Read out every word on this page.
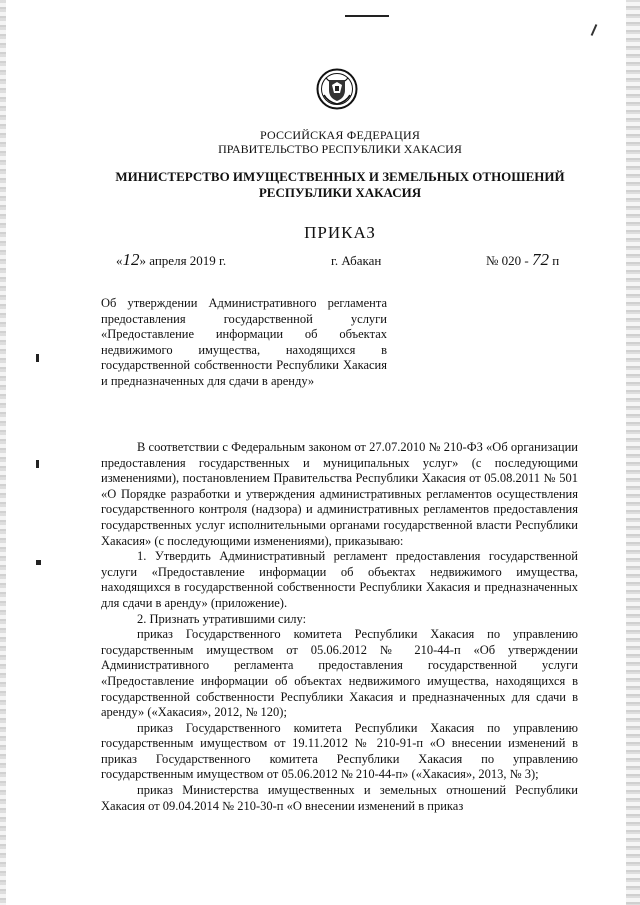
РОССИЙСКАЯ ФЕДЕРАЦИЯ
ПРАВИТЕЛЬСТВО РЕСПУБЛИКИ ХАКАСИЯ
МИНИСТЕРСТВО ИМУЩЕСТВЕННЫХ И ЗЕМЕЛЬНЫХ ОТНОШЕНИЙ
РЕСПУБЛИКИ ХАКАСИЯ
ПРИКАЗ
«12» апреля 2019 г.	г. Абакан	№ 020 - 72 п
Об утверждении Административного регламента предоставления государственной услуги «Предоставление информации об объектах недвижимого имущества, находящихся в государственной собственности Республики Хакасия и предназначенных для сдачи в аренду»

В соответствии с Федеральным законом от 27.07.2010 № 210-ФЗ «Об организации предоставления государственных и муниципальных услуг» (с последующими изменениями), постановлением Правительства Республики Хакасия от 05.08.2011 № 501 «О Порядке разработки и утверждения административных регламентов осуществления государственного контроля (надзора) и административных регламентов предоставления государственных услуг исполнительными органами государственной власти Республики Хакасия» (с последующими изменениями), приказываю:

1. Утвердить Административный регламент предоставления государственной услуги «Предоставление информации об объектах недвижимого имущества, находящихся в государственной собственности Республики Хакасия и предназначенных для сдачи в аренду» (приложение).

2. Признать утратившими силу:

приказ Государственного комитета Республики Хакасия по управлению государственным имуществом от 05.06.2012 № 210-44-п «Об утверждении Административного регламента предоставления государственной услуги «Предоставление информации об объектах недвижимого имущества, находящихся в государственной собственности Республики Хакасия и предназначенных для сдачи в аренду» («Хакасия», 2012, № 120);

приказ Государственного комитета Республики Хакасия по управлению государственным имуществом от 19.11.2012 № 210-91-п «О внесении изменений в приказ Государственного комитета Республики Хакасия по управлению государственным имуществом от 05.06.2012 № 210-44-п» («Хакасия», 2013, № 3);

приказ Министерства имущественных и земельных отношений Республики Хакасия от 09.04.2014 № 210-30-п «О внесении изменений в приказ
